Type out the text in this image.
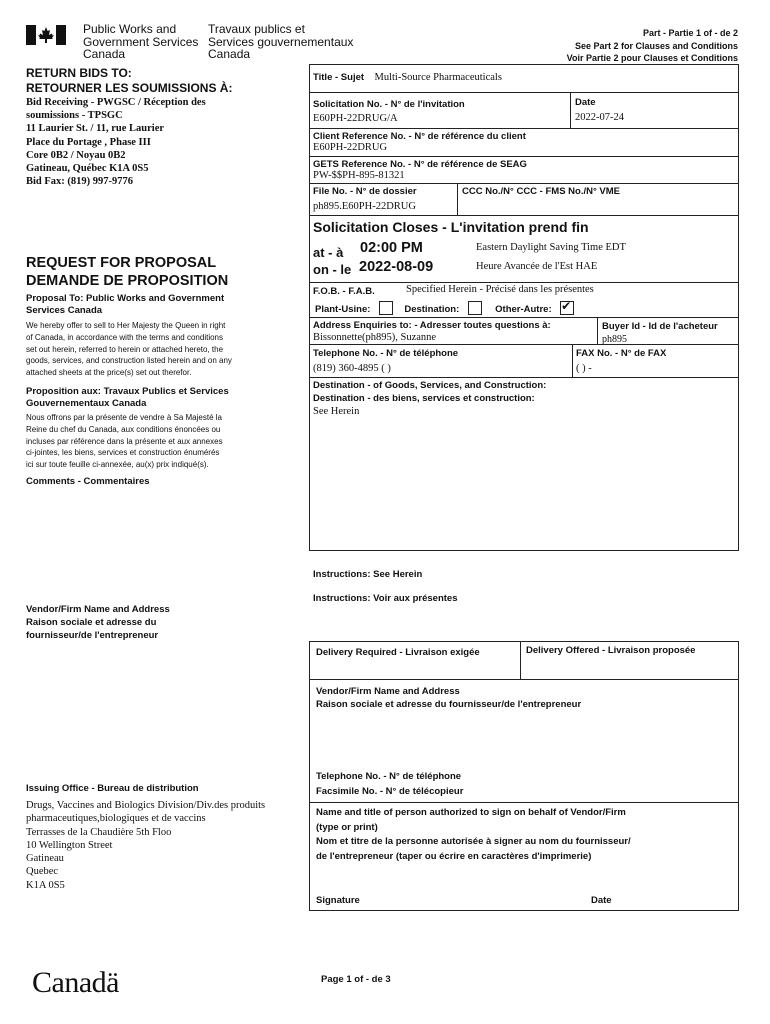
Public Works and
Government Services
Canada
Travaux publics et
Services gouvernementaux
Canada
Part - Partie 1 of - de 2
See Part 2 for Clauses and Conditions
Voir Partie 2 pour Clauses et Conditions
RETURN BIDS TO:
RETOURNER LES SOUMISSIONS À:
Bid Receiving - PWGSC / Réception des
soumissions - TPSGC
11 Laurier St. / 11, rue Laurier
Place du Portage , Phase III
Core 0B2 / Noyau 0B2
Gatineau, Québec K1A 0S5
Bid Fax: (819) 997-9776
REQUEST FOR PROPOSAL
DEMANDE DE PROPOSITION
Proposal To: Public Works and Government Services Canada
We hereby offer to sell to Her Majesty the Queen in right
of Canada, in accordance with the terms and conditions
set out herein, referred to herein or attached hereto, the
goods, services, and construction listed herein and on any
attached sheets at the price(s) set out therefor.
Proposition aux: Travaux Publics et Services Gouvernementaux Canada
Nous offrons par la présente de vendre à Sa Majesté la
Reine du chef du Canada, aux conditions énoncées ou
incluses par référence dans la présente et aux annexes
ci-jointes, les biens, services et construction énumérés
ici sur toute feuille ci-annexée, au(x) prix indiqué(s).
Comments - Commentaires
Vendor/Firm Name and Address
Raison sociale et adresse du
fournisseur/de l'entrepreneur
Issuing Office - Bureau de distribution
Drugs, Vaccines and Biologics Division/Div.des produits
pharmaceutiques,biologiques et de vaccins
Terrasses de la Chaudière 5th Floo
10 Wellington Street
Gatineau
Quebec
K1A 0S5
Title - Sujet Multi-Source Pharmaceuticals
Solicitation No. - N° de l'invitation
E60PH-22DRUG/A
Date
2022-07-24
Client Reference No. - N° de référence du client
E60PH-22DRUG
GETS Reference No. - N° de référence de SEAG
PW-$$PH-895-81321
File No. - N° de dossier
ph895.E60PH-22DRUG
CCC No./N° CCC - FMS No./N° VME
Solicitation Closes - L'invitation prend fin
at - à 02:00 PM
on - le 2022-08-09
Eastern Daylight Saving Time EDT
Heure Avancée de l'Est HAE
F.O.B. - F.A.B.	Specified Herein - Précisé dans les présentes
Plant-Usine:	Destination:	Other-Autre: ✔
Address Enquiries to: - Adresser toutes questions à:
Bissonnette(ph895), Suzanne
Buyer Id - Id de l'acheteur
ph895
Telephone No. - N° de téléphone
(819) 360-4895 ( )
FAX No. - N° de FAX
( ) -
Destination - of Goods, Services, and Construction:
Destination - des biens, services et construction:
See Herein
Instructions: See Herein
Instructions: Voir aux présentes
Delivery Required - Livraison exigée	Delivery Offered - Livraison proposée
Vendor/Firm Name and Address
Raison sociale et adresse du fournisseur/de l'entrepreneur
Telephone No. - N° de téléphone
Facsimile No. - N° de télécopieur
Name and title of person authorized to sign on behalf of Vendor/Firm
(type or print)
Nom et titre de la personne autorisée à signer au nom du fournisseur/
de l'entrepreneur (taper ou écrire en caractères d'imprimerie)
Signature	Date
Canadä	Page 1 of - de 3
